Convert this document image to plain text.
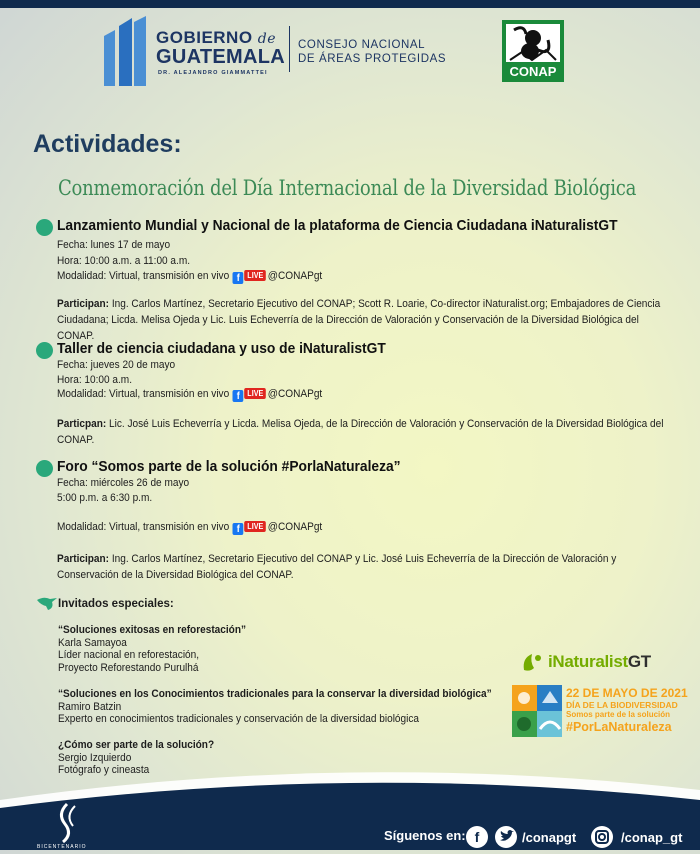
GOBIERNO de
GUATEMALA
DR. ALEJANDRO GIAMMATTEI
CONSEJO NACIONAL
DE ÁREAS PROTEGIDAS
CONAP
Actividades:
Conmemoración del Día Internacional de la Diversidad Biológica
Lanzamiento Mundial y Nacional de la plataforma de Ciencia Ciudadana iNaturalistGT
Fecha: lunes 17 de mayo
Hora: 10:00 a.m. a 11:00 a.m.
Modalidad: Virtual, transmisión en vivo f LIVE @CONAPgt
Participan: Ing. Carlos Martínez, Secretario Ejecutivo del CONAP; Scott R. Loarie, Co-director iNaturalist.org; Embajadores de Ciencia Ciudadana; Licda. Melisa Ojeda y Lic. Luis Echeverría de la Dirección de Valoración y Conservación de la Diversidad Biológica del CONAP.
Taller de ciencia ciudadana y uso de iNaturalistGT
Fecha: jueves 20 de mayo
Hora: 10:00 a.m.
Modalidad: Virtual, transmisión en vivo f LIVE @CONAPgt
Particpan: Lic. José Luis Echeverría y Licda. Melisa Ojeda, de la Dirección de Valoración y Conservación de la Diversidad Biológica del CONAP.
Foro “Somos parte de la solución #PorlaNaturaleza”
Fecha: miércoles 26 de mayo
5:00 p.m. a 6:30 p.m.
Modalidad: Virtual, transmisión en vivo f LIVE @CONAPgt
Participan: Ing. Carlos Martínez, Secretario Ejecutivo del CONAP y Lic. José Luis Echeverría de la Dirección de Valoración y Conservación de la Diversidad Biológica del CONAP.
Invitados especiales:
“Soluciones exitosas en reforestación”
Karla Samayoa
Líder nacional en reforestación,
Proyecto Reforestando Purulhá
“Soluciones en los Conocimientos tradicionales para la conservar la diversidad biológica”
Ramiro Batzin
Experto en conocimientos tradicionales y conservación de la diversidad biológica
¿Cómo ser parte de la solución?
Sergio Izquierdo
Fotógrafo y cineasta
iNaturalistGT
22 DE MAYO DE 2021
DÍA DE LA BIODIVERSIDAD
Somos parte de la solución
#PorLaNaturaleza
BICENTENARIO
Síguenos en: f	/conapgt	/conap_gt
